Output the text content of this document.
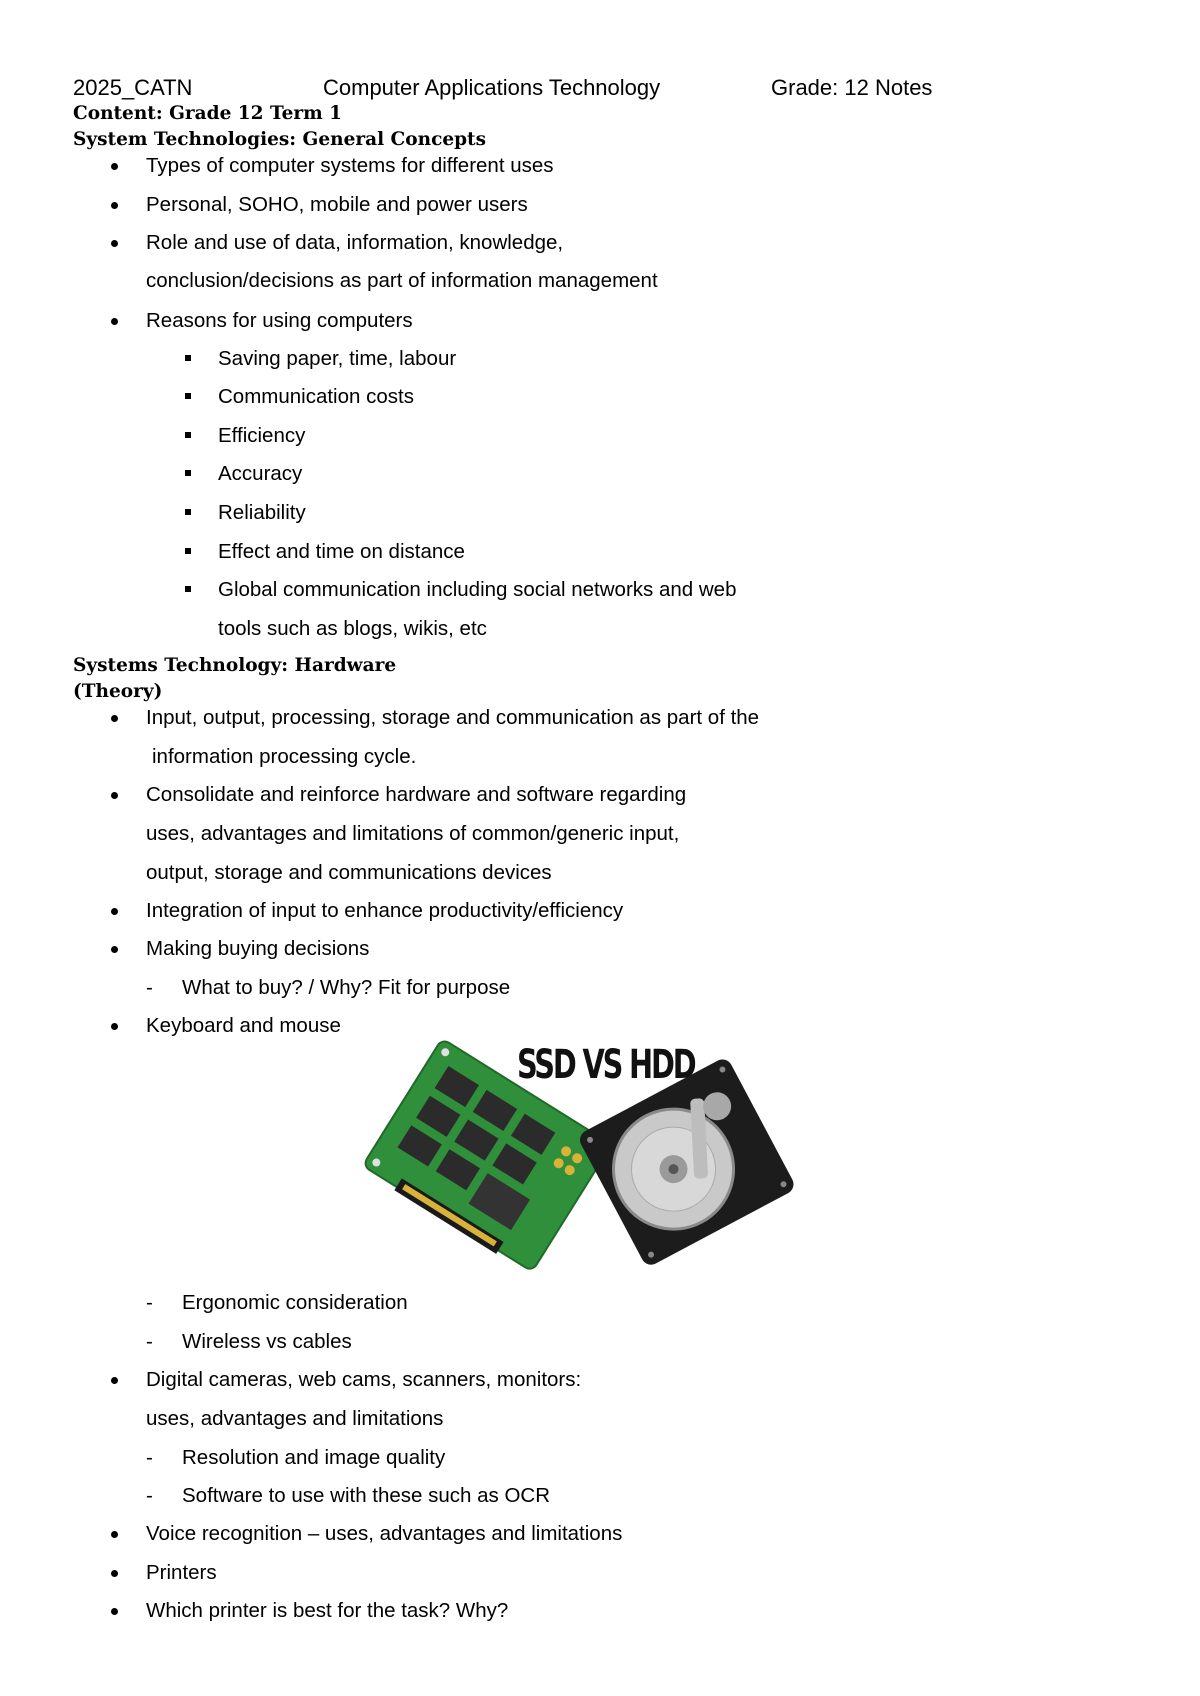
2025_CATN	Computer Applications Technology	Grade: 12 Notes
Content: Grade 12 Term 1
System Technologies: General Concepts
Types of computer systems for different uses
Personal, SOHO, mobile and power users
Role and use of data, information, knowledge,
conclusion/decisions as part of information management
Reasons for using computers
Saving paper, time, labour
Communication costs
Efficiency
Accuracy
Reliability
Effect and time on distance
Global communication including social networks and web
tools such as blogs, wikis, etc
Systems Technology: Hardware
(Theory)
Input, output, processing, storage and communication as part of the
information processing cycle.
Consolidate and reinforce hardware and software regarding
uses, advantages and limitations of common/generic input,
output, storage and communications devices
Integration of input to enhance productivity/efficiency
Making buying decisions
- What to buy? / Why? Fit for purpose
Keyboard and mouse
SSD VS HDD
- Ergonomic consideration
- Wireless vs cables
Digital cameras, web cams, scanners, monitors:
uses, advantages and limitations
- Resolution and image quality
- Software to use with these such as OCR
Voice recognition – uses, advantages and limitations
Printers
Which printer is best for the task? Why?
